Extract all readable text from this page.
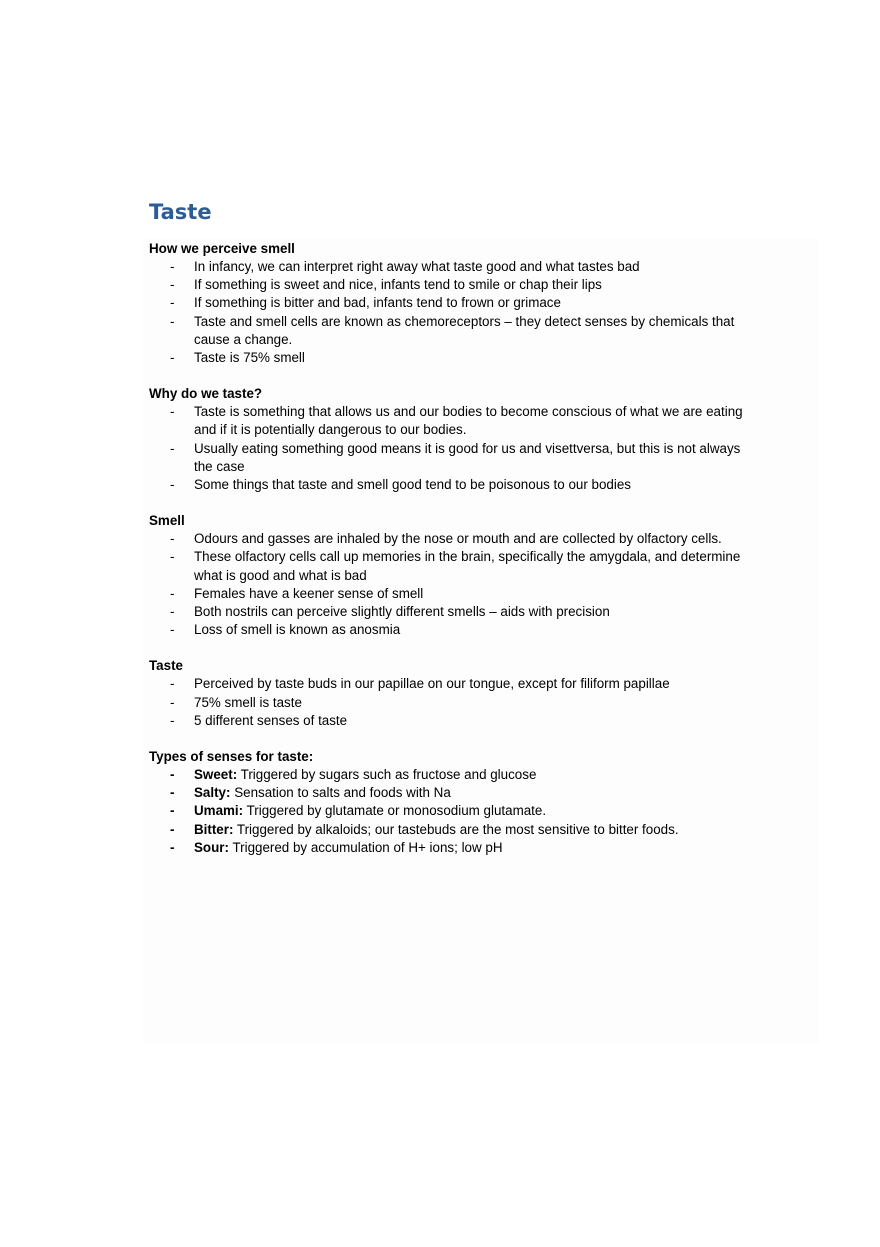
Taste
How we perceive smell
- In infancy, we can interpret right away what taste good and what tastes bad
- If something is sweet and nice, infants tend to smile or chap their lips
- If something is bitter and bad, infants tend to frown or grimace
- Taste and smell cells are known as chemoreceptors – they detect senses by chemicals that cause a change.
- Taste is 75% smell
Why do we taste?
- Taste is something that allows us and our bodies to become conscious of what we are eating and if it is potentially dangerous to our bodies.
- Usually eating something good means it is good for us and visettversa, but this is not always the case
- Some things that taste and smell good tend to be poisonous to our bodies
Smell
- Odours and gasses are inhaled by the nose or mouth and are collected by olfactory cells.
- These olfactory cells call up memories in the brain, specifically the amygdala, and determine what is good and what is bad
- Females have a keener sense of smell
- Both nostrils can perceive slightly different smells – aids with precision
- Loss of smell is known as anosmia
Taste
- Perceived by taste buds in our papillae on our tongue, except for filiform papillae
- 75% smell is taste
- 5 different senses of taste
Types of senses for taste:
- Sweet: Triggered by sugars such as fructose and glucose
- Salty: Sensation to salts and foods with Na
- Umami: Triggered by glutamate or monosodium glutamate.
- Bitter: Triggered by alkaloids; our tastebuds are the most sensitive to bitter foods.
- Sour: Triggered by accumulation of H+ ions; low pH
